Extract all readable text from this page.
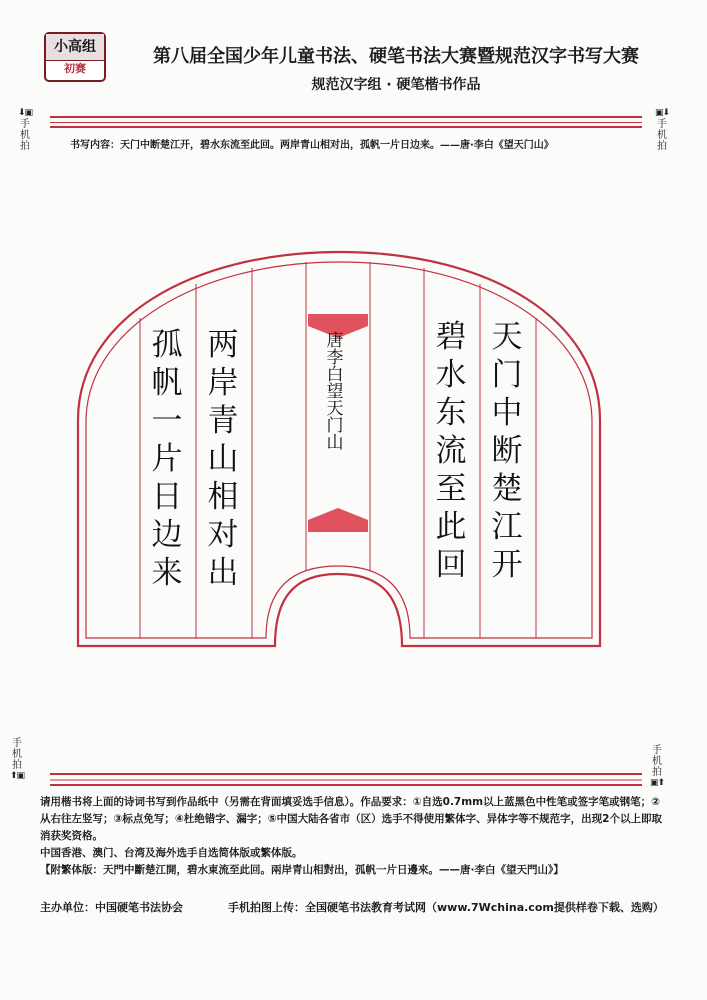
小高组
初赛
第八届全国少年儿童书法、硬笔书法大赛暨规范汉字书写大赛
规范汉字组 · 硬笔楷书作品
⬇▣
手
机
拍
▣⬇
手
机
拍
书写内容：天门中断楚江开，碧水东流至此回。两岸青山相对出，孤帆一片日边来。——唐·李白《望天门山》
天
门
中
断
楚
江
开
碧
水
东
流
至
此
回
两
岸
青
山
相
对
出
孤
帆
一
片
日
边
来
唐
李
白
望
天
门
山
手
机
拍
⬆▣
手
机
拍
▣⬆

请用楷书将上面的诗词书写到作品纸中（另需在背面填妥选手信息）。作品要求：①自选0.7mm以上蓝黑色中性笔或签字笔或钢笔；②从右往左竖写；③标点免写；④杜绝错字、漏字；⑤中国大陆各省市（区）选手不得使用繁体字、异体字等不规范字，出现2个以上即取消获奖资格。

中国香港、澳门、台湾及海外选手自选简体版或繁体版。

【附繁体版：天門中斷楚江開，碧水東流至此回。兩岸青山相對出，孤帆一片日邊來。——唐·李白《望天門山》】

主办单位：中国硬笔书法协会	手机拍图上传：全国硬笔书法教育考试网（www.7Wchina.com提供样卷下载、选购）
